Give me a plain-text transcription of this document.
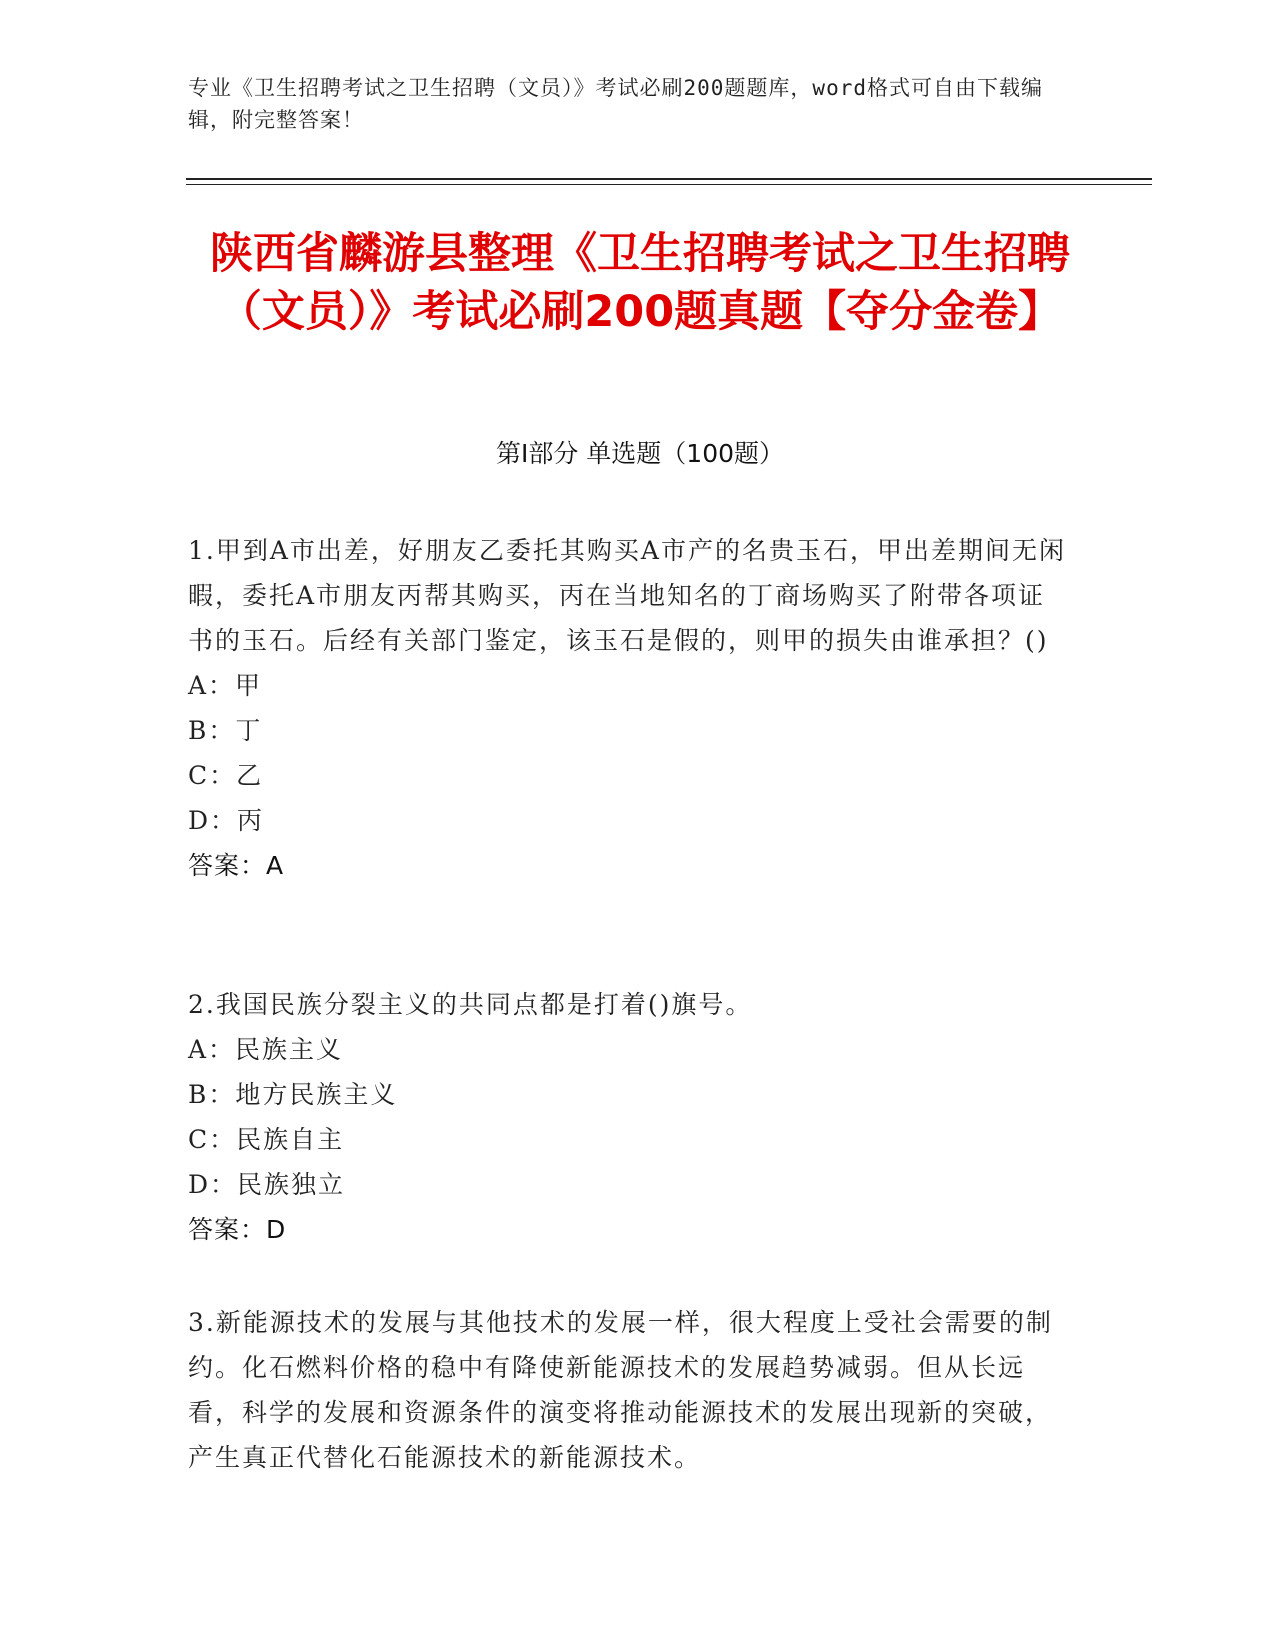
专业《卫生招聘考试之卫生招聘（文员）》考试必刷200题题库，word格式可自由下载编辑，附完整答案！
陕西省麟游县整理《卫生招聘考试之卫生招聘（文员）》考试必刷200题真题【夺分金卷】
第Ⅰ部分 单选题（100题）

1.甲到A市出差，好朋友乙委托其购买A市产的名贵玉石，甲出差期间无闲暇，委托A市朋友丙帮其购买，丙在当地知名的丁商场购买了附带各项证书的玉石。后经有关部门鉴定，该玉石是假的，则甲的损失由谁承担？()

A：甲

B：丁

C：乙

D：丙

答案：A

2.我国民族分裂主义的共同点都是打着()旗号。

A：民族主义

B：地方民族主义

C：民族自主

D：民族独立

答案：D

3.新能源技术的发展与其他技术的发展一样，很大程度上受社会需要的制约。化石燃料价格的稳中有降使新能源技术的发展趋势减弱。但从长远看，科学的发展和资源条件的演变将推动能源技术的发展出现新的突破，产生真正代替化石能源技术的新能源技术。
